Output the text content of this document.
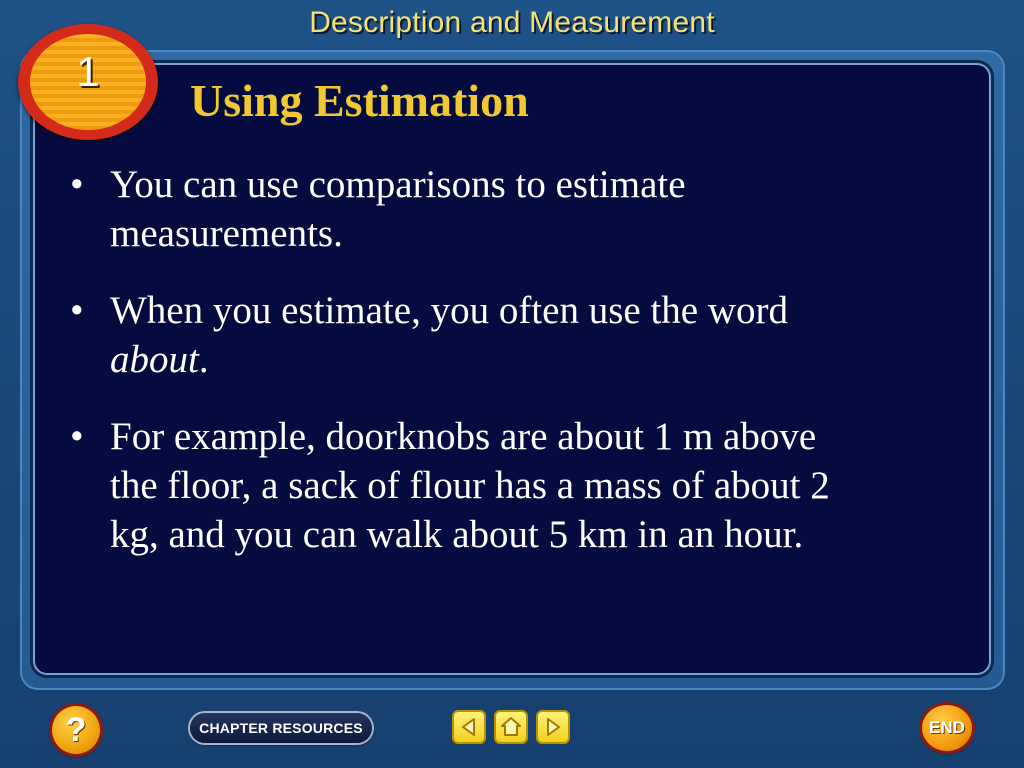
Description and Measurement
1
Using Estimation
• You can use comparisons to estimate measurements.
• When you estimate, you often use the word about.
• For example, doorknobs are about 1 m above the floor, a sack of flour has a mass of about 2 kg, and you can walk about 5 km in an hour.
?	CHAPTER RESOURCES	END
